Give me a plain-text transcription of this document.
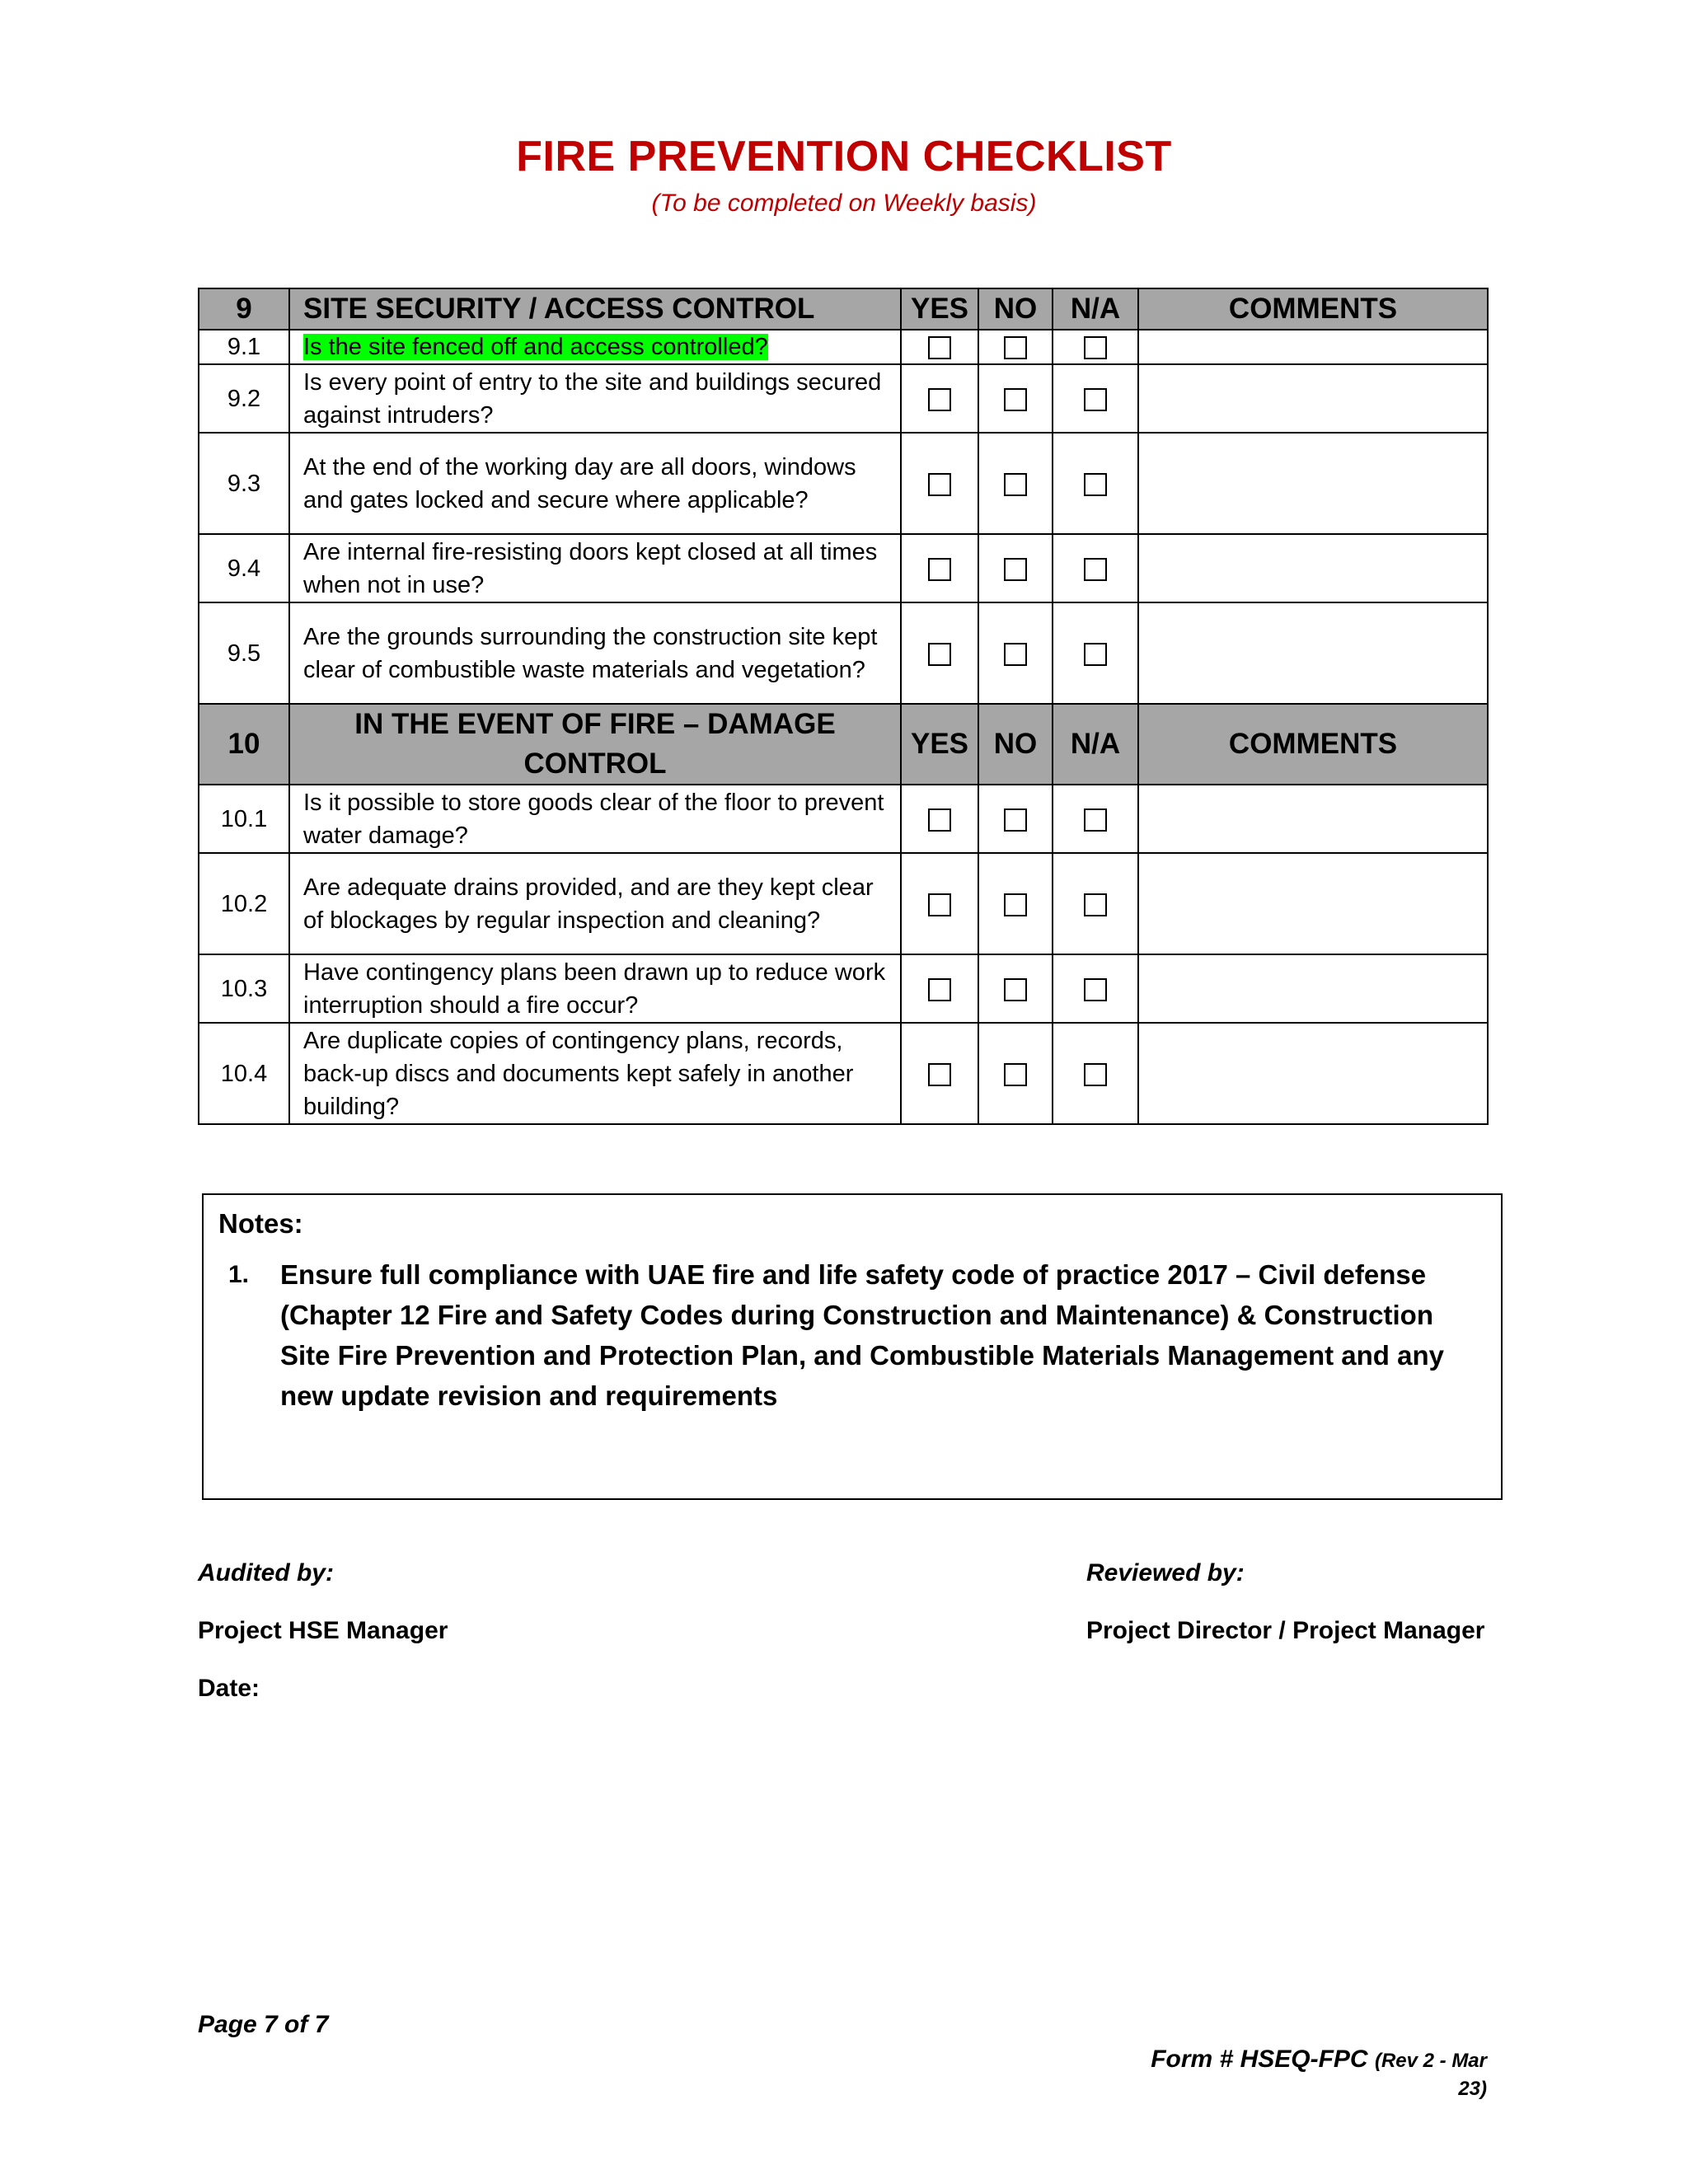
FIRE PREVENTION CHECKLIST
(To be completed on Weekly basis)
9	SITE SECURITY / ACCESS CONTROL	YES	NO	N/A	COMMENTS
9.1	Is the site fenced off and access controlled?				
9.2	Is every point of entry to the site and buildings secured against intruders?				
9.3	At the end of the working day are all doors, windows and gates locked and secure where applicable?				
9.4	Are internal fire-resisting doors kept closed at all times when not in use?				
9.5	Are the grounds surrounding the construction site kept clear of combustible waste materials and vegetation?				
10	IN THE EVENT OF FIRE – DAMAGE CONTROL	YES	NO	N/A	COMMENTS
10.1	Is it possible to store goods clear of the floor to prevent water damage?				
10.2	Are adequate drains provided, and are they kept clear of blockages by regular inspection and cleaning?				
10.3	Have contingency plans been drawn up to reduce work interruption should a fire occur?				
10.4	Are duplicate copies of contingency plans, records, back-up discs and documents kept safely in another building?				
Notes:
1. Ensure full compliance with UAE fire and life safety code of practice 2017 – Civil defense (Chapter 12 Fire and Safety Codes during Construction and Maintenance) & Construction Site Fire Prevention and Protection Plan, and Combustible Materials Management and any new update revision and requirements
Audited by:
Project HSE Manager
Date:
Reviewed by:
Project Director / Project Manager
Page 7 of 7
Form # HSEQ-FPC (Rev 2 - Mar 23)
